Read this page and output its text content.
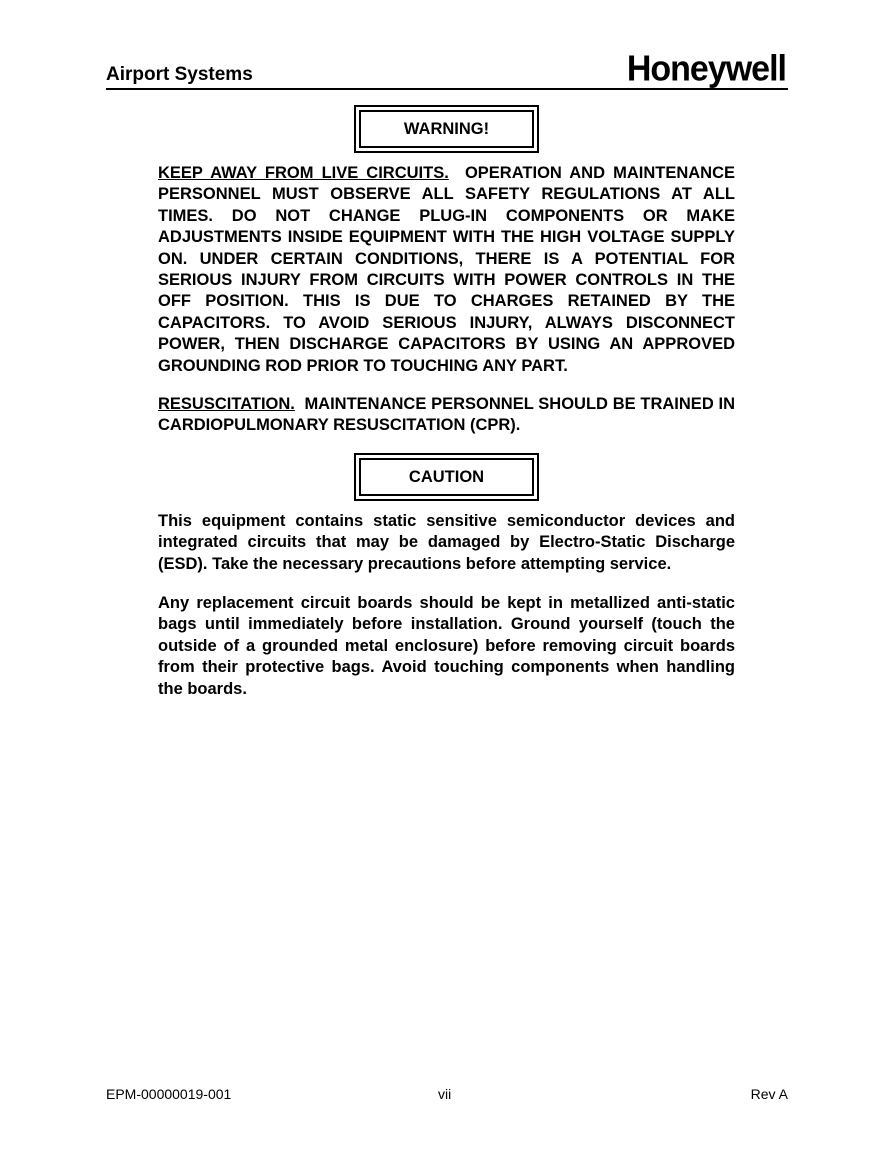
Airport Systems	Honeywell
WARNING!

KEEP AWAY FROM LIVE CIRCUITS. OPERATION AND MAINTENANCE PERSONNEL MUST OBSERVE ALL SAFETY REGULATIONS AT ALL TIMES. DO NOT CHANGE PLUG-IN COMPONENTS OR MAKE ADJUSTMENTS INSIDE EQUIPMENT WITH THE HIGH VOLTAGE SUPPLY ON. UNDER CERTAIN CONDITIONS, THERE IS A POTENTIAL FOR SERIOUS INJURY FROM CIRCUITS WITH POWER CONTROLS IN THE OFF POSITION. THIS IS DUE TO CHARGES RETAINED BY THE CAPACITORS. TO AVOID SERIOUS INJURY, ALWAYS DISCONNECT POWER, THEN DISCHARGE CAPACITORS BY USING AN APPROVED GROUNDING ROD PRIOR TO TOUCHING ANY PART.

RESUSCITATION. MAINTENANCE PERSONNEL SHOULD BE TRAINED IN CARDIOPULMONARY RESUSCITATION (CPR).

CAUTION

This equipment contains static sensitive semiconductor devices and integrated circuits that may be damaged by Electro-Static Discharge (ESD). Take the necessary precautions before attempting service.

Any replacement circuit boards should be kept in metallized anti-static bags until immediately before installation. Ground yourself (touch the outside of a grounded metal enclosure) before removing circuit boards from their protective bags. Avoid touching components when handling the boards.

EPM-00000019-001	vii	Rev A
